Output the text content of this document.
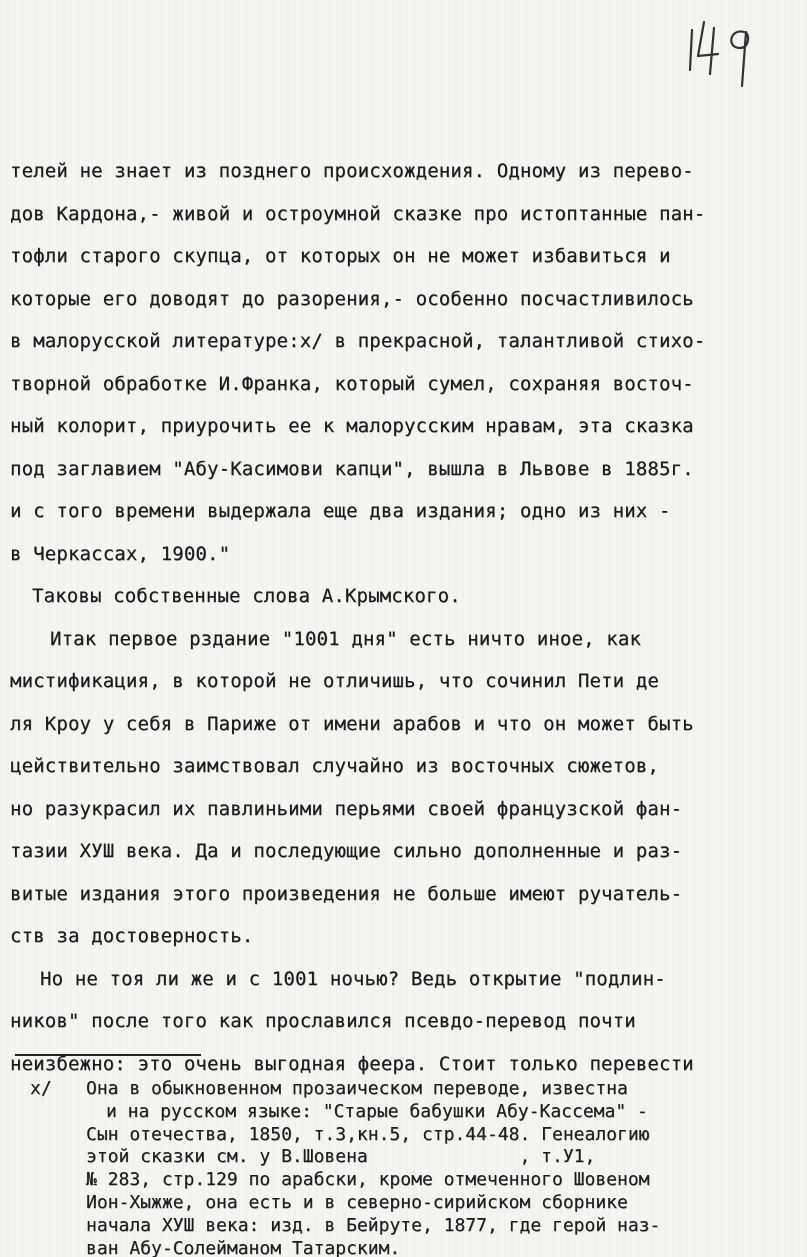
телей не знает из позднего происхождения. Одному из перево-
дов Кардона,- живой и остроумной сказке про истоптанные пан-
тофли старого скупца, от которых он не может избавиться и
которые его доводят до разорения,- особенно посчастливилось
в малорусской литературе:x/ в прекрасной, талантливой стихо-
творной обработке И.Франка, который сумел, сохраняя восточ-
ный колорит, приурочить ее к малорусским нравам, эта сказка
под заглавием "Абу-Касимови капци", вышла в Львове в 1885г.
и с того времени выдержала еще два издания; одно из них -
в Черкассах, 1900."
Таковы собственные слова А.Крымского.
Итак первое рздание "1001 дня" есть ничто иное, как
мистификация, в которой не отличишь, что сочинил Пети де
ля Кроу у себя в Париже от имени арабов и что он может быть
цействительно заимствовал случайно из восточных сюжетов,
но разукрасил их павлиньими перьями своей французской фан-
тазии ХУШ века. Да и последующие сильно дополненные и раз-
витые издания этого произведения не больше имеют ручатель-
ств за достоверность.
Но не тоя ли же и с 1001 ночью? Ведь открытие "подлин-
ников" после того как прославился псевдо-перевод почти
неизбежно: это очень выгодная феера. Стоит только перевести
x/ Она в обыкновенном прозаическом переводе, известна
и на русском языке: "Старые бабушки Абу-Кассема" -
Сын отечества, 1850, т.3,кн.5, стр.44-48. Генеалогию
этой сказки см. у В.Шовена              , т.У1,
№ 283, стр.129 по арабски, кроме отмеченного Шовеном
Ион-Хыжже, она есть и в северно-сирийском сборнике
начала ХУШ века: изд. в Бейруте, 1877, где герой наз-
ван Абу-Солейманом Татарским.
